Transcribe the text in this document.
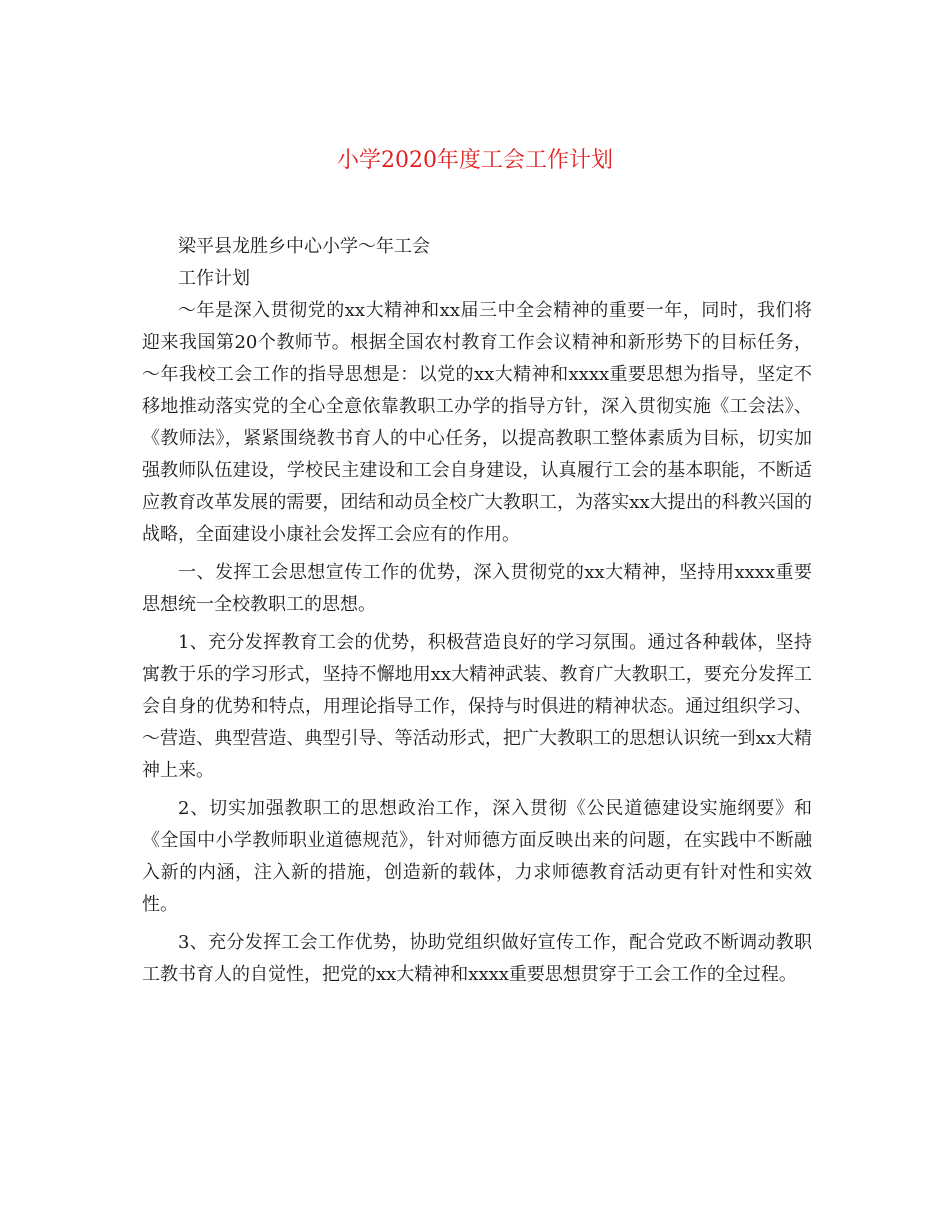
小学2020年度工会工作计划

梁平县龙胜乡中心小学～年工会

工作计划

～年是深入贯彻党的xx大精神和xx届三中全会精神的重要一年，同时，我们将迎来我国第20个教师节。根据全国农村教育工作会议精神和新形势下的目标任务，～年我校工会工作的指导思想是：以党的xx大精神和xxxx重要思想为指导，坚定不移地推动落实党的全心全意依靠教职工办学的指导方针，深入贯彻实施《工会法》、《教师法》，紧紧围绕教书育人的中心任务，以提高教职工整体素质为目标，切实加强教师队伍建设，学校民主建设和工会自身建设，认真履行工会的基本职能，不断适应教育改革发展的需要，团结和动员全校广大教职工，为落实xx大提出的科教兴国的战略，全面建设小康社会发挥工会应有的作用。

一、发挥工会思想宣传工作的优势，深入贯彻党的xx大精神，坚持用xxxx重要思想统一全校教职工的思想。

1、充分发挥教育工会的优势，积极营造良好的学习氛围。通过各种载体，坚持寓教于乐的学习形式，坚持不懈地用xx大精神武装、教育广大教职工，要充分发挥工会自身的优势和特点，用理论指导工作，保持与时俱进的精神状态。通过组织学习、～营造、典型营造、典型引导、等活动形式，把广大教职工的思想认识统一到xx大精神上来。

2、切实加强教职工的思想政治工作，深入贯彻《公民道德建设实施纲要》和《全国中小学教师职业道德规范》，针对师德方面反映出来的问题，在实践中不断融入新的内涵，注入新的措施，创造新的载体，力求师德教育活动更有针对性和实效性。

3、充分发挥工会工作优势，协助党组织做好宣传工作，配合党政不断调动教职工教书育人的自觉性，把党的xx大精神和xxxx重要思想贯穿于工会工作的全过程。
